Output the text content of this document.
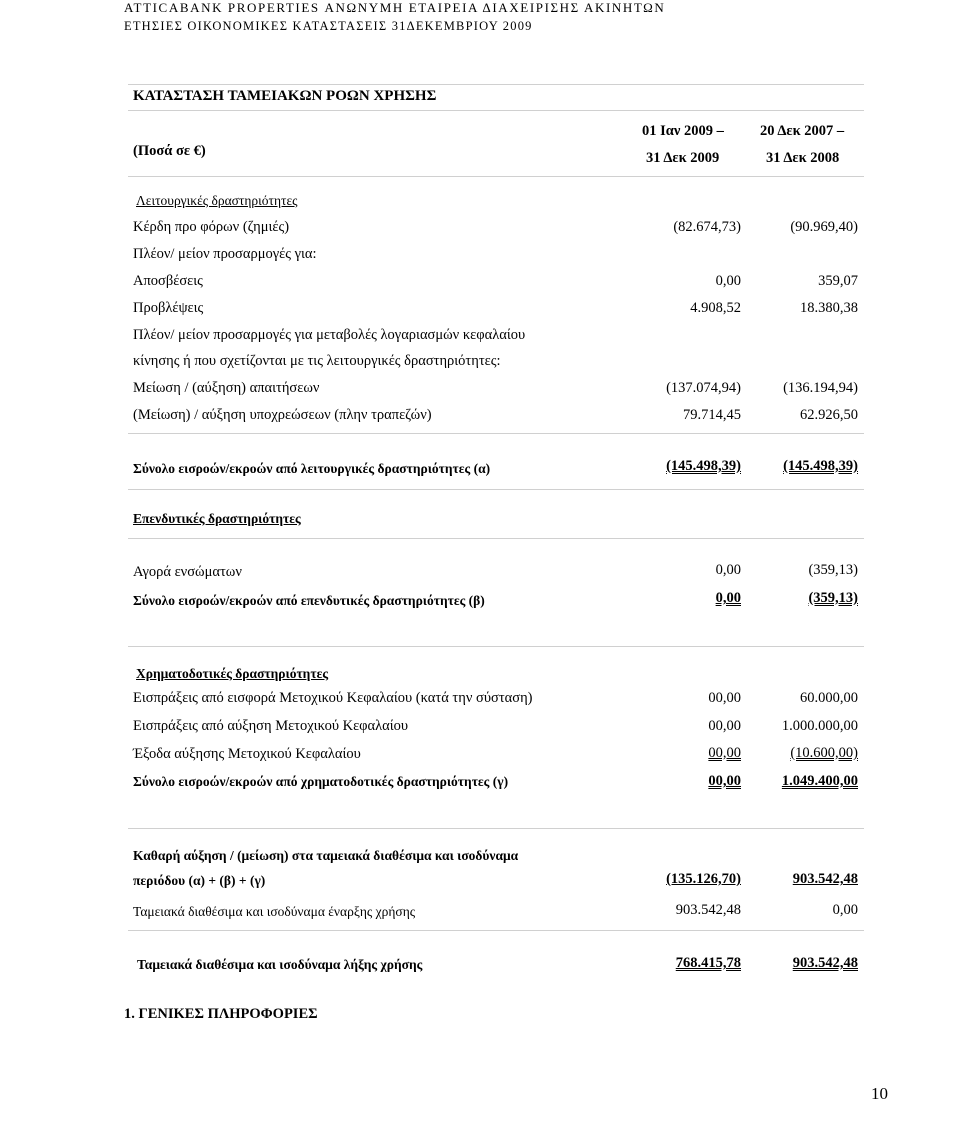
ATTICABANK PROPERTIES ΑΝΩΝΥΜΗ ΕΤΑΙΡΕΙΑ ΔΙΑΧΕΙΡΙΣΗΣ ΑΚΙΝΗΤΩΝ
ΕΤΗΣΙΕΣ ΟΙΚΟΝΟΜΙΚΕΣ ΚΑΤΑΣΤΑΣΕΙΣ 31ΔΕΚΕΜΒΡΙΟΥ 2009
ΚΑΤΑΣΤΑΣΗ ΤΑΜΕΙΑΚΩΝ ΡΟΩΝ ΧΡΗΣΗΣ
(Ποσά σε €)
01 Ιαν 2009 –
31 Δεκ 2009
20 Δεκ 2007 –
31 Δεκ 2008
Λειτουργικές δραστηριότητες
Κέρδη προ φόρων (ζημιές)	(82.674,73)	(90.969,40)
Πλέον/ μείον προσαρμογές για:
Αποσβέσεις	0,00	359,07
Προβλέψεις	4.908,52	18.380,38
Πλέον/ μείον προσαρμογές για μεταβολές λογαριασμών κεφαλαίου
κίνησης ή που σχετίζονται με τις λειτουργικές δραστηριότητες:
Μείωση / (αύξηση) απαιτήσεων	(137.074,94)	(136.194,94)
(Μείωση) / αύξηση υποχρεώσεων (πλην τραπεζών)	79.714,45	62.926,50
Σύνολο εισροών/εκροών από λειτουργικές δραστηριότητες (α)	(145.498,39)	(145.498,39)
Επενδυτικές δραστηριότητες
Αγορά ενσώματων	0,00	(359,13)
Σύνολο εισροών/εκροών από επενδυτικές δραστηριότητες (β)	0,00	(359,13)
Χρηματοδοτικές δραστηριότητες
Εισπράξεις από εισφορά Μετοχικού Κεφαλαίου (κατά την σύσταση)	00,00	60.000,00
Εισπράξεις από αύξηση Μετοχικού Κεφαλαίου	00,00	1.000.000,00
Έξοδα αύξησης Μετοχικού Κεφαλαίου	00,00	(10.600,00)
Σύνολο εισροών/εκροών από χρηματοδοτικές δραστηριότητες (γ)	00,00	1.049.400,00
Καθαρή αύξηση / (μείωση) στα ταμειακά διαθέσιμα και ισοδύναμα
περιόδου (α) + (β) + (γ)	(135.126,70)	903.542,48
Ταμειακά διαθέσιμα και ισοδύναμα έναρξης χρήσης	903.542,48	0,00
Ταμειακά διαθέσιμα και ισοδύναμα λήξης χρήσης	768.415,78	903.542,48
1. ΓΕΝΙΚΕΣ ΠΛΗΡΟΦΟΡΙΕΣ
10
